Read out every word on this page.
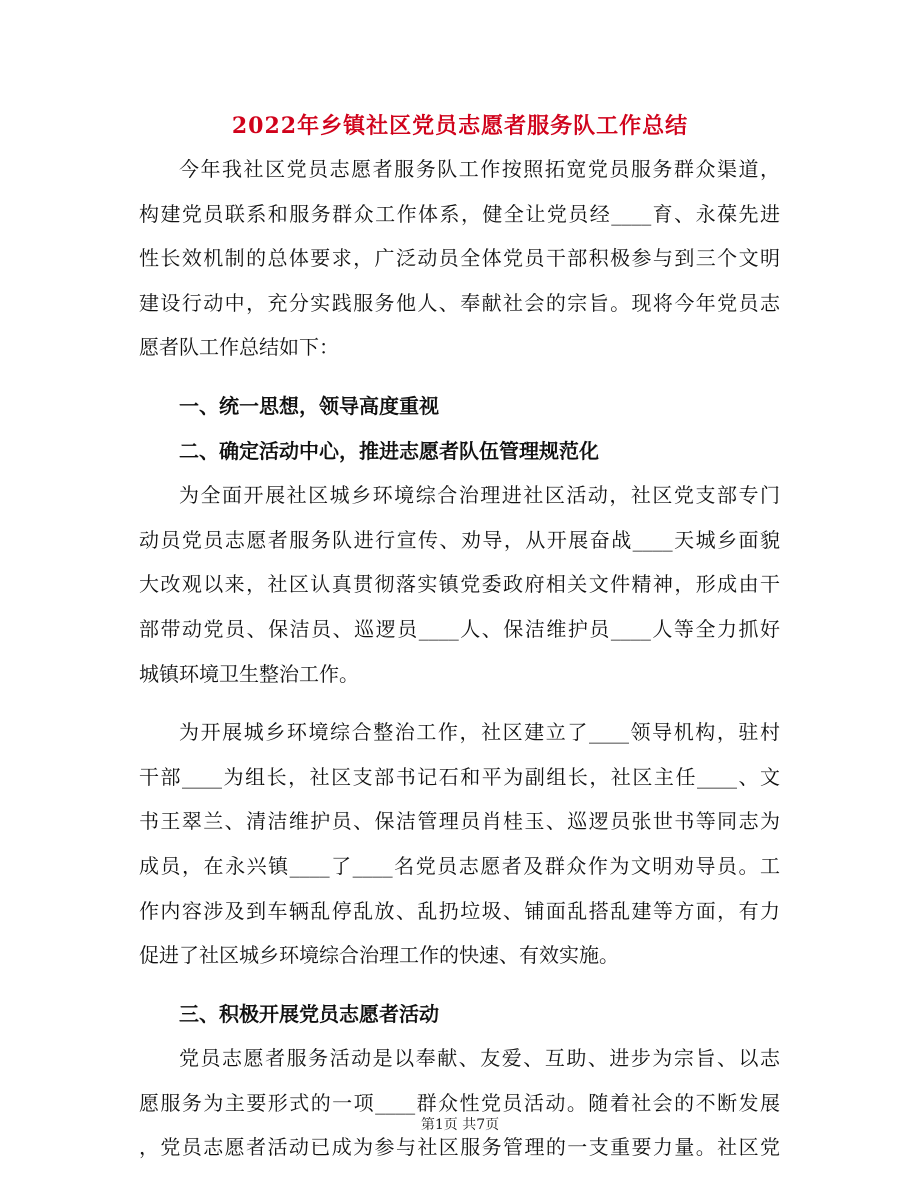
2022年乡镇社区党员志愿者服务队工作总结
今年我社区党员志愿者服务队工作按照拓宽党员服务群众渠道，
构建党员联系和服务群众工作体系，健全让党员经____育、永葆先进
性长效机制的总体要求，广泛动员全体党员干部积极参与到三个文明
建设行动中，充分实践服务他人、奉献社会的宗旨。现将今年党员志
愿者队工作总结如下：
一、统一思想，领导高度重视
二、确定活动中心，推进志愿者队伍管理规范化
为全面开展社区城乡环境综合治理进社区活动，社区党支部专门
动员党员志愿者服务队进行宣传、劝导，从开展奋战____天城乡面貌
大改观以来，社区认真贯彻落实镇党委政府相关文件精神，形成由干
部带动党员、保洁员、巡逻员____人、保洁维护员____人等全力抓好
城镇环境卫生整治工作。
为开展城乡环境综合整治工作，社区建立了____领导机构，驻村
干部____为组长，社区支部书记石和平为副组长，社区主任____、文
书王翠兰、清洁维护员、保洁管理员肖桂玉、巡逻员张世书等同志为
成员，在永兴镇____了____名党员志愿者及群众作为文明劝导员。工
作内容涉及到车辆乱停乱放、乱扔垃圾、铺面乱搭乱建等方面，有力
促进了社区城乡环境综合治理工作的快速、有效实施。
三、积极开展党员志愿者活动
党员志愿者服务活动是以奉献、友爱、互助、进步为宗旨、以志
愿服务为主要形式的一项____群众性党员活动。随着社会的不断发展
，党员志愿者活动已成为参与社区服务管理的一支重要力量。社区党
第1页 共7页
